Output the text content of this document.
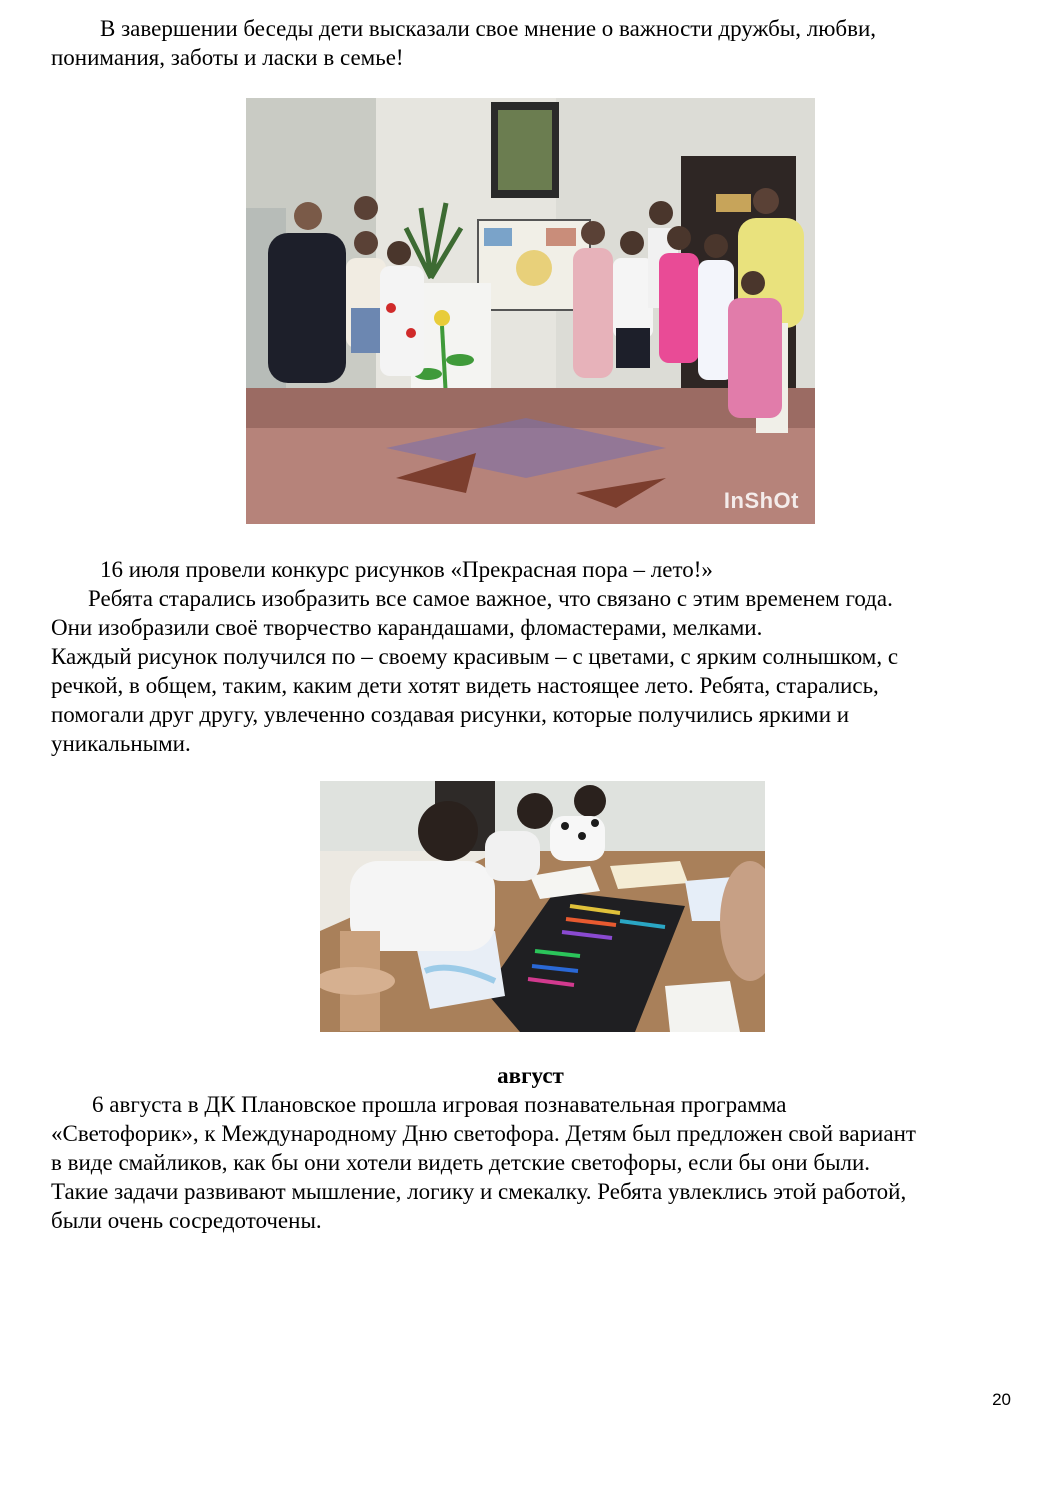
В завершении беседы дети высказали свое мнение о важности дружбы, любви,
понимания, заботы и ласки в семье!
InShOt
16 июля провели конкурс рисунков «Прекрасная пора – лето!»
Ребята старались изобразить все самое важное, что связано с этим временем года.
Они изобразили своё творчество карандашами, фломастерами, мелками.
Каждый рисунок получился по – своему красивым – с цветами, с ярким солнышком, с
речкой, в общем, таким, каким дети хотят видеть настоящее лето. Ребята, старались,
помогали друг другу, увлеченно создавая рисунки, которые получились яркими и
уникальными.
август
6 августа в ДК Плановское прошла игровая познавательная программа
«Светофорик», к Международному Дню светофора. Детям был предложен свой вариант
в виде смайликов, как бы они хотели видеть детские светофоры, если бы они были.
Такие задачи развивают мышление, логику и смекалку. Ребята увлеклись этой работой,
были очень сосредоточены.
20
